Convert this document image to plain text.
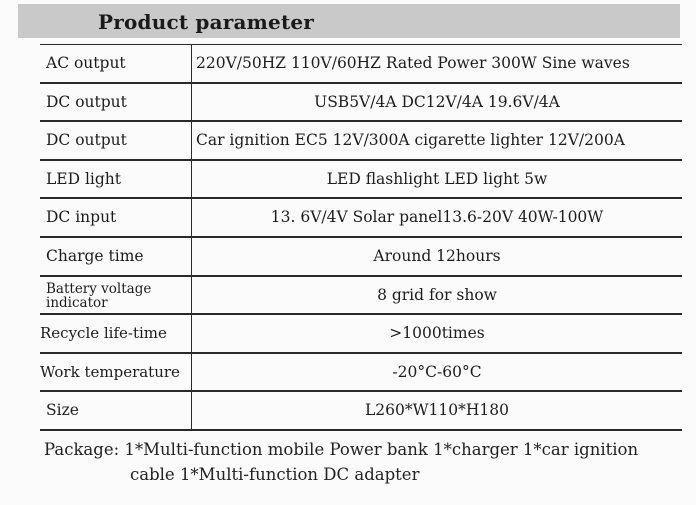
Product parameter
AC output	220V/50HZ 110V/60HZ Rated Power 300W Sine waves
DC output	USB5V/4A DC12V/4A 19.6V/4A
DC output	Car ignition EC5 12V/300A cigarette lighter 12V/200A
LED light	LED flashlight LED light 5w
DC input	13. 6V/4V Solar panel13.6-20V 40W-100W
Charge time	Around 12hours
Battery voltage indicator	8 grid for show
Recycle life-time	>1000times
Work temperature	-20°C-60°C
Size	L260*W110*H180
Package: 1*Multi-function mobile Power bank 1*charger 1*car ignition
cable 1*Multi-function DC adapter
